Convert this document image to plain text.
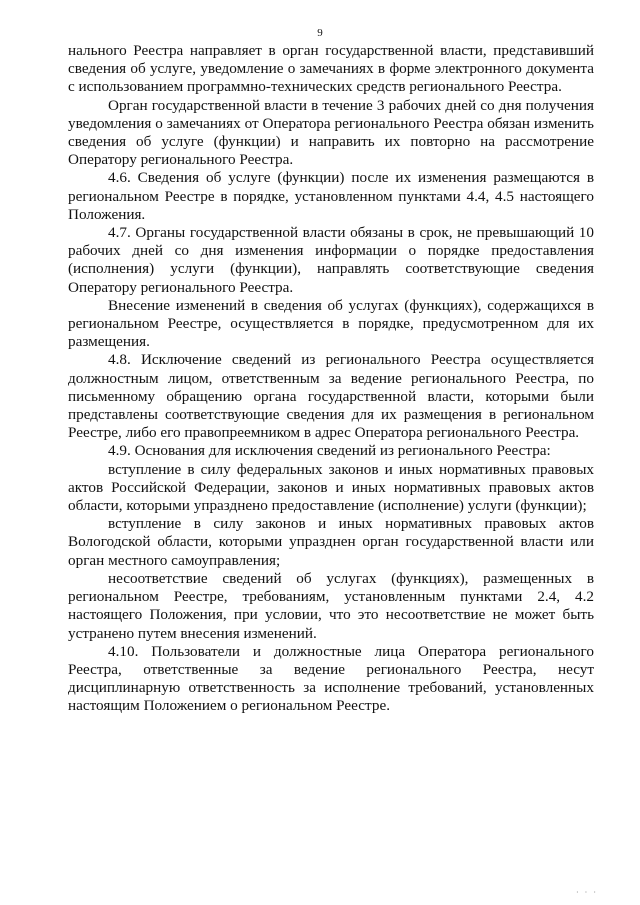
9

нального Реестра направляет в орган государственной власти, представивший сведения об услуге, уведомление о замечаниях в форме электронного документа с использованием программно-технических средств регионального Реестра.

Орган государственной власти в течение 3 рабочих дней со дня получения уведомления о замечаниях от Оператора регионального Реестра обязан изменить сведения об услуге (функции) и направить их повторно на рассмотрение Оператору регионального Реестра.

4.6. Сведения об услуге (функции) после их изменения размещаются в региональном Реестре в порядке, установленном пунктами 4.4, 4.5 настоящего Положения.

4.7. Органы государственной власти обязаны в срок, не превышающий 10 рабочих дней со дня изменения информации о порядке предоставления (исполнения) услуги (функции), направлять соответствующие сведения Оператору регионального Реестра.

Внесение изменений в сведения об услугах (функциях), содержащихся в региональном Реестре, осуществляется в порядке, предусмотренном для их размещения.

4.8. Исключение сведений из регионального Реестра осуществляется должностным лицом, ответственным за ведение регионального Реестра, по письменному обращению органа государственной власти, которыми были представлены соответствующие сведения для их размещения в региональном Реестре, либо его правопреемником в адрес Оператора регионального Реестра.

4.9. Основания для исключения сведений из регионального Реестра:

вступление в силу федеральных законов и иных нормативных правовых актов Российской Федерации, законов и иных нормативных правовых актов области, которыми упразднено предоставление (исполнение) услуги (функции);

вступление в силу законов и иных нормативных правовых актов Вологодской области, которыми упразднен орган государственной власти или орган местного самоуправления;

несоответствие сведений об услугах (функциях), размещенных в региональном Реестре, требованиям, установленным пунктами 2.4, 4.2 настоящего Положения, при условии, что это несоответствие не может быть устранено путем внесения изменений.

4.10. Пользователи и должностные лица Оператора регионального Реестра, ответственные за ведение регионального Реестра, несут дисциплинарную ответственность за исполнение требований, установленных настоящим Положением о региональном Реестре.

· · ·
